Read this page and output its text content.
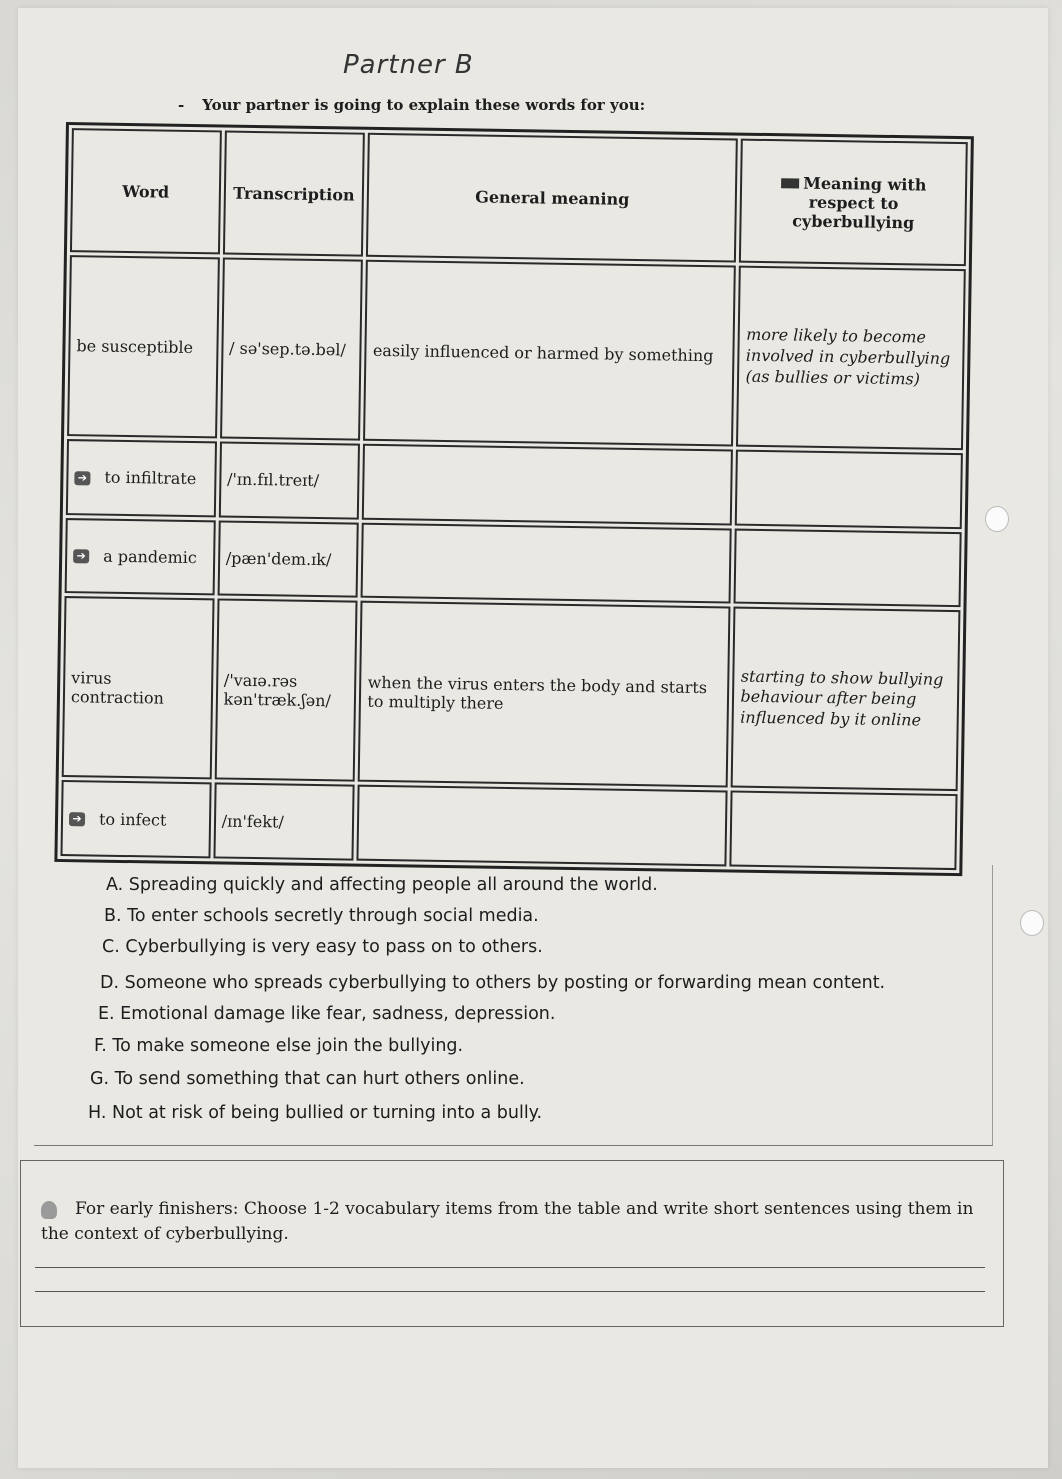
Partner B
- Your partner is going to explain these words for you:
Word	Transcription	General meaning	Meaning with respect to cyberbullying
be susceptible	/ sə'sep.tə.bəl/	easily influenced or harmed by something	more likely to become involved in cyberbullying (as bullies or victims)
➔ to infiltrate	/'ɪn.fɪl.treɪt/		
➔ a pandemic	/pæn'dem.ɪk/		
virus contraction	/'vaɪə.rəs kən'træk.ʃən/	when the virus enters the body and starts to multiply there	starting to show bullying behaviour after being influenced by it online
➔ to infect	/ɪn'fekt/		
A. Spreading quickly and affecting people all around the world.
B. To enter schools secretly through social media.
C. Cyberbullying is very easy to pass on to others.
D. Someone who spreads cyberbullying to others by posting or forwarding mean content.
E. Emotional damage like fear, sadness, depression.
F. To make someone else join the bullying.
G. To send something that can hurt others online.
H. Not at risk of being bullied or turning into a bully.
For early finishers: Choose 1-2 vocabulary items from the table and write short sentences using them in the context of cyberbullying.
